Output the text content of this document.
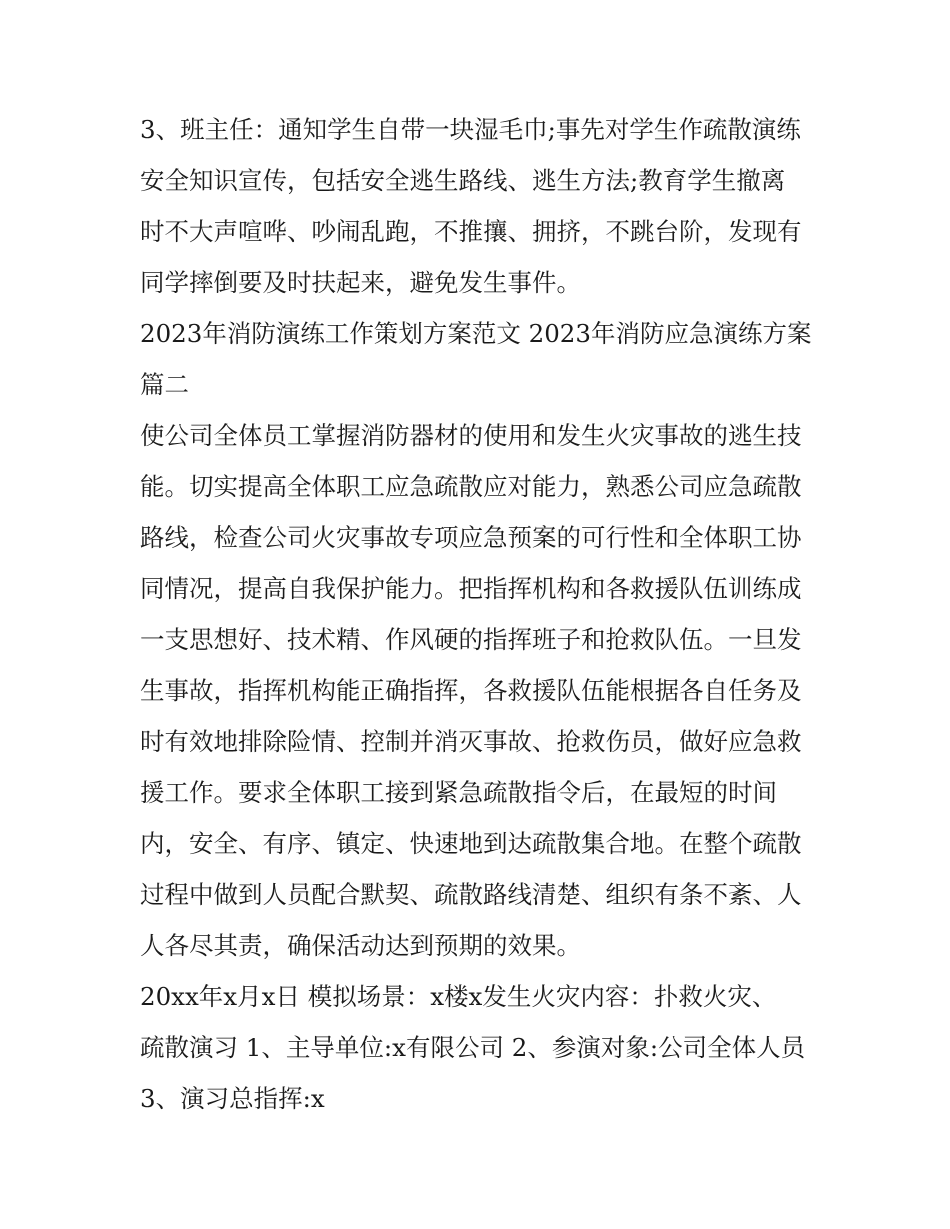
3、班主任：通知学生自带一块湿毛巾;事先对学生作疏散演练
安全知识宣传，包括安全逃生路线、逃生方法;教育学生撤离
时不大声喧哗、吵闹乱跑，不推攘、拥挤，不跳台阶，发现有
同学摔倒要及时扶起来，避免发生事件。
2023年消防演练工作策划方案范文 2023年消防应急演练方案
篇二
使公司全体员工掌握消防器材的使用和发生火灾事故的逃生技
能。切实提高全体职工应急疏散应对能力，熟悉公司应急疏散
路线，检查公司火灾事故专项应急预案的可行性和全体职工协
同情况，提高自我保护能力。把指挥机构和各救援队伍训练成
一支思想好、技术精、作风硬的指挥班子和抢救队伍。一旦发
生事故，指挥机构能正确指挥，各救援队伍能根据各自任务及
时有效地排除险情、控制并消灭事故、抢救伤员，做好应急救
援工作。要求全体职工接到紧急疏散指令后，在最短的时间
内，安全、有序、镇定、快速地到达疏散集合地。在整个疏散
过程中做到人员配合默契、疏散路线清楚、组织有条不紊、人
人各尽其责，确保活动达到预期的效果。
20xx年x月x日 模拟场景：x楼x发生火灾内容：扑救火灾、
疏散演习 1、主导单位:x有限公司 2、参演对象:公司全体人员
3、演习总指挥:x
